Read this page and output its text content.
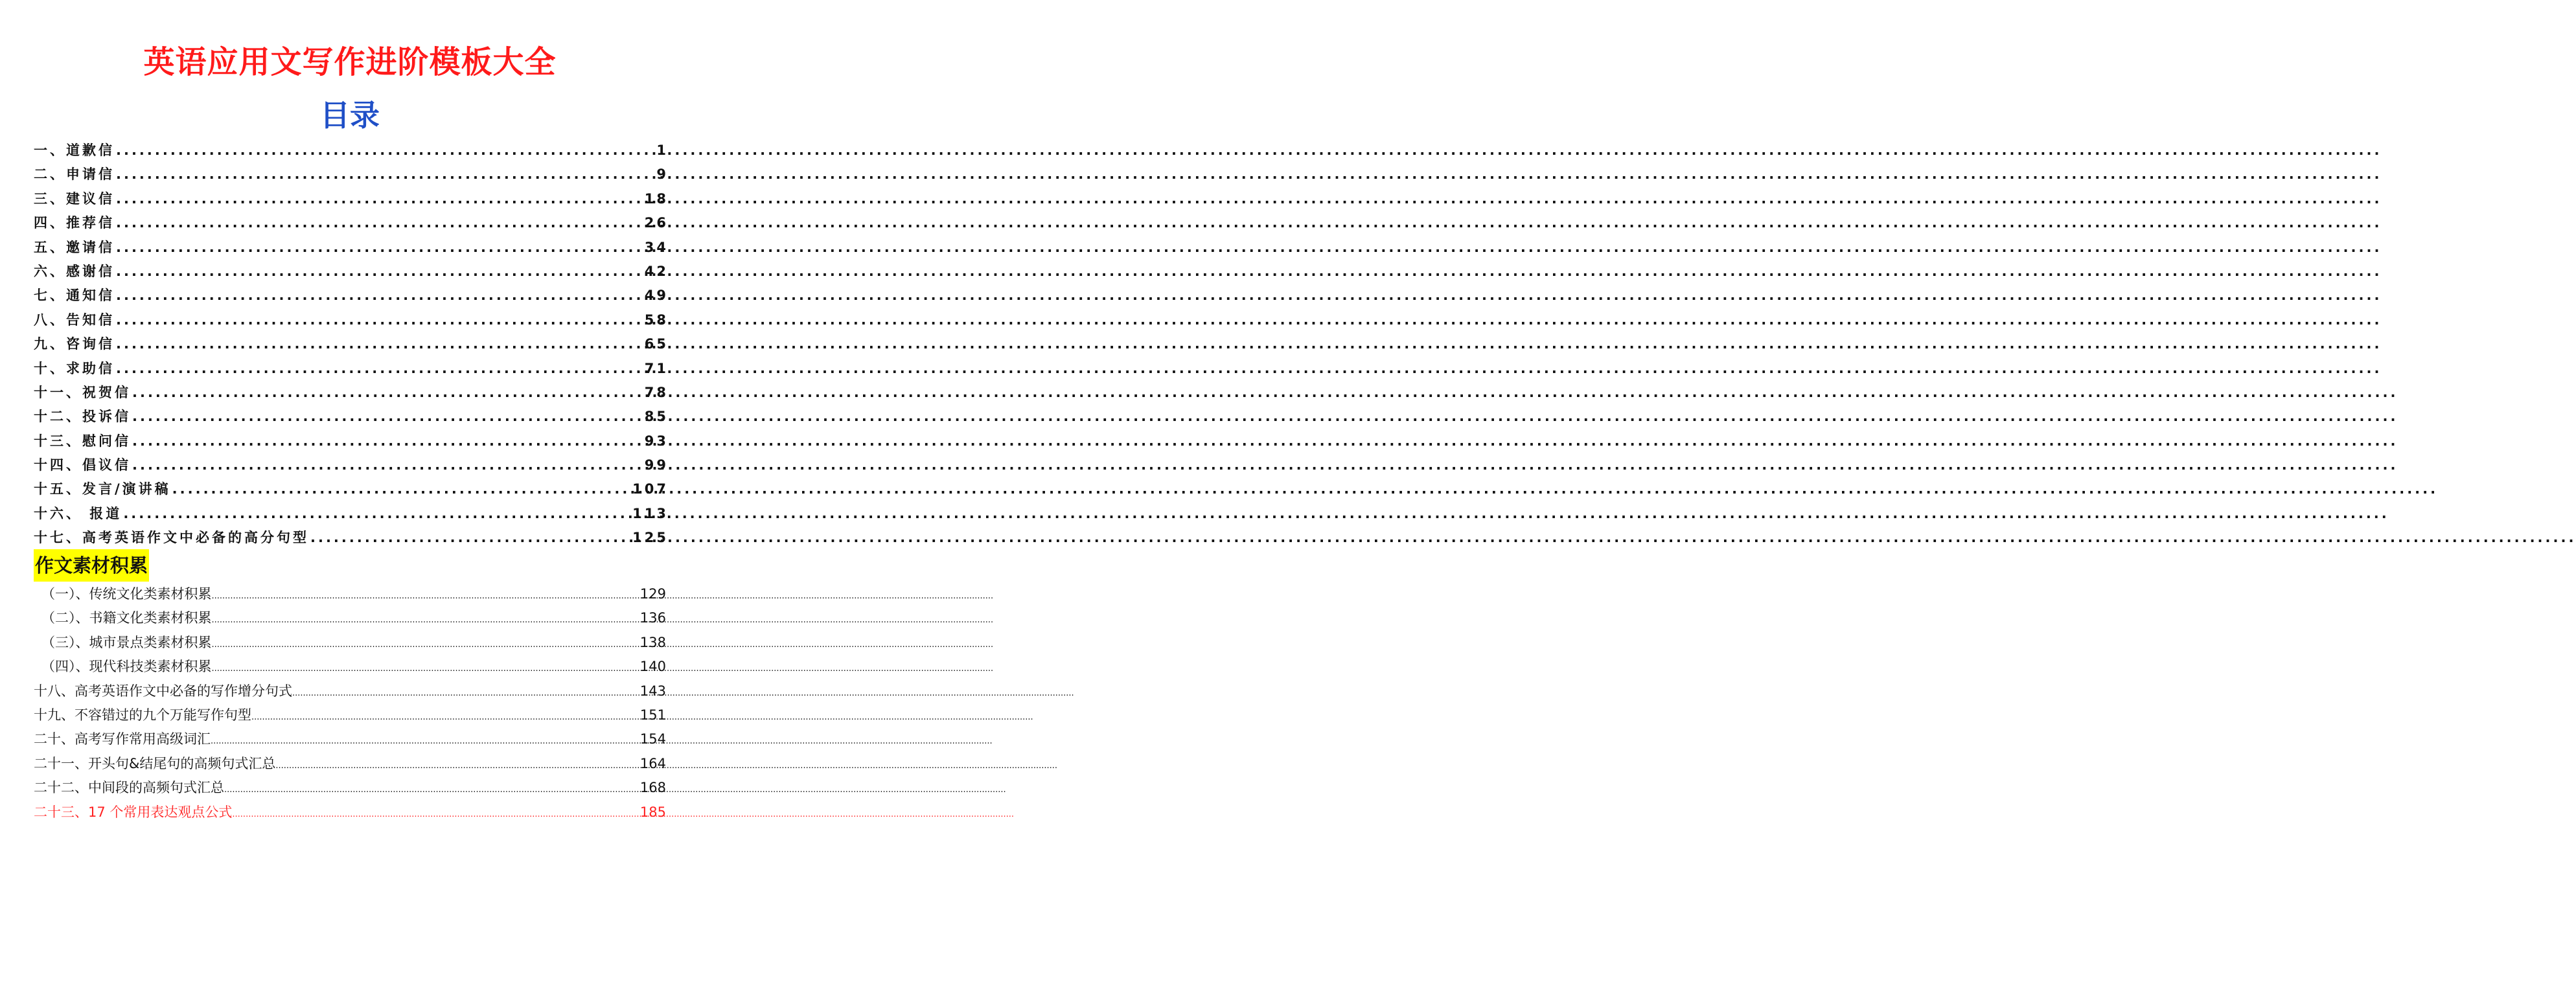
英语应用文写作进阶模板大全
目录
一、道歉信 .....	1
二、申请信 .....	9
三、建议信 .....	18
四、推荐信 .....	26
五、邀请信 .....	34
六、感谢信 .....	42
七、通知信 .....	49
八、告知信 .....	58
九、咨询信 .....	65
十、求助信 .....	71
十一、祝贺信 .....	78
十二、投诉信 .....	85
十三、慰问信 .....	93
十四、倡议信 .....	99
十五、发言/演讲稿 .....	107
十六、 报道 .....	113
十七、高考英语作文中必备的高分句型 .....	125
作文素材积累
（一）、传统文化类素材积累 .....	129
（二）、书籍文化类素材积累 .....	136
（三）、城市景点类素材积累 .....	138
（四）、现代科技类素材积累 .....	140
十八、高考英语作文中必备的写作增分句式 .....	143
十九、不容错过的九个万能写作句型 .....	151
二十、高考写作常用高级词汇 .....	154
二十一、开头句&结尾句的高频句式汇总 .....	164
二十二、中间段的高频句式汇总 .....	168
二十三、17 个常用表达观点公式 .....	185
